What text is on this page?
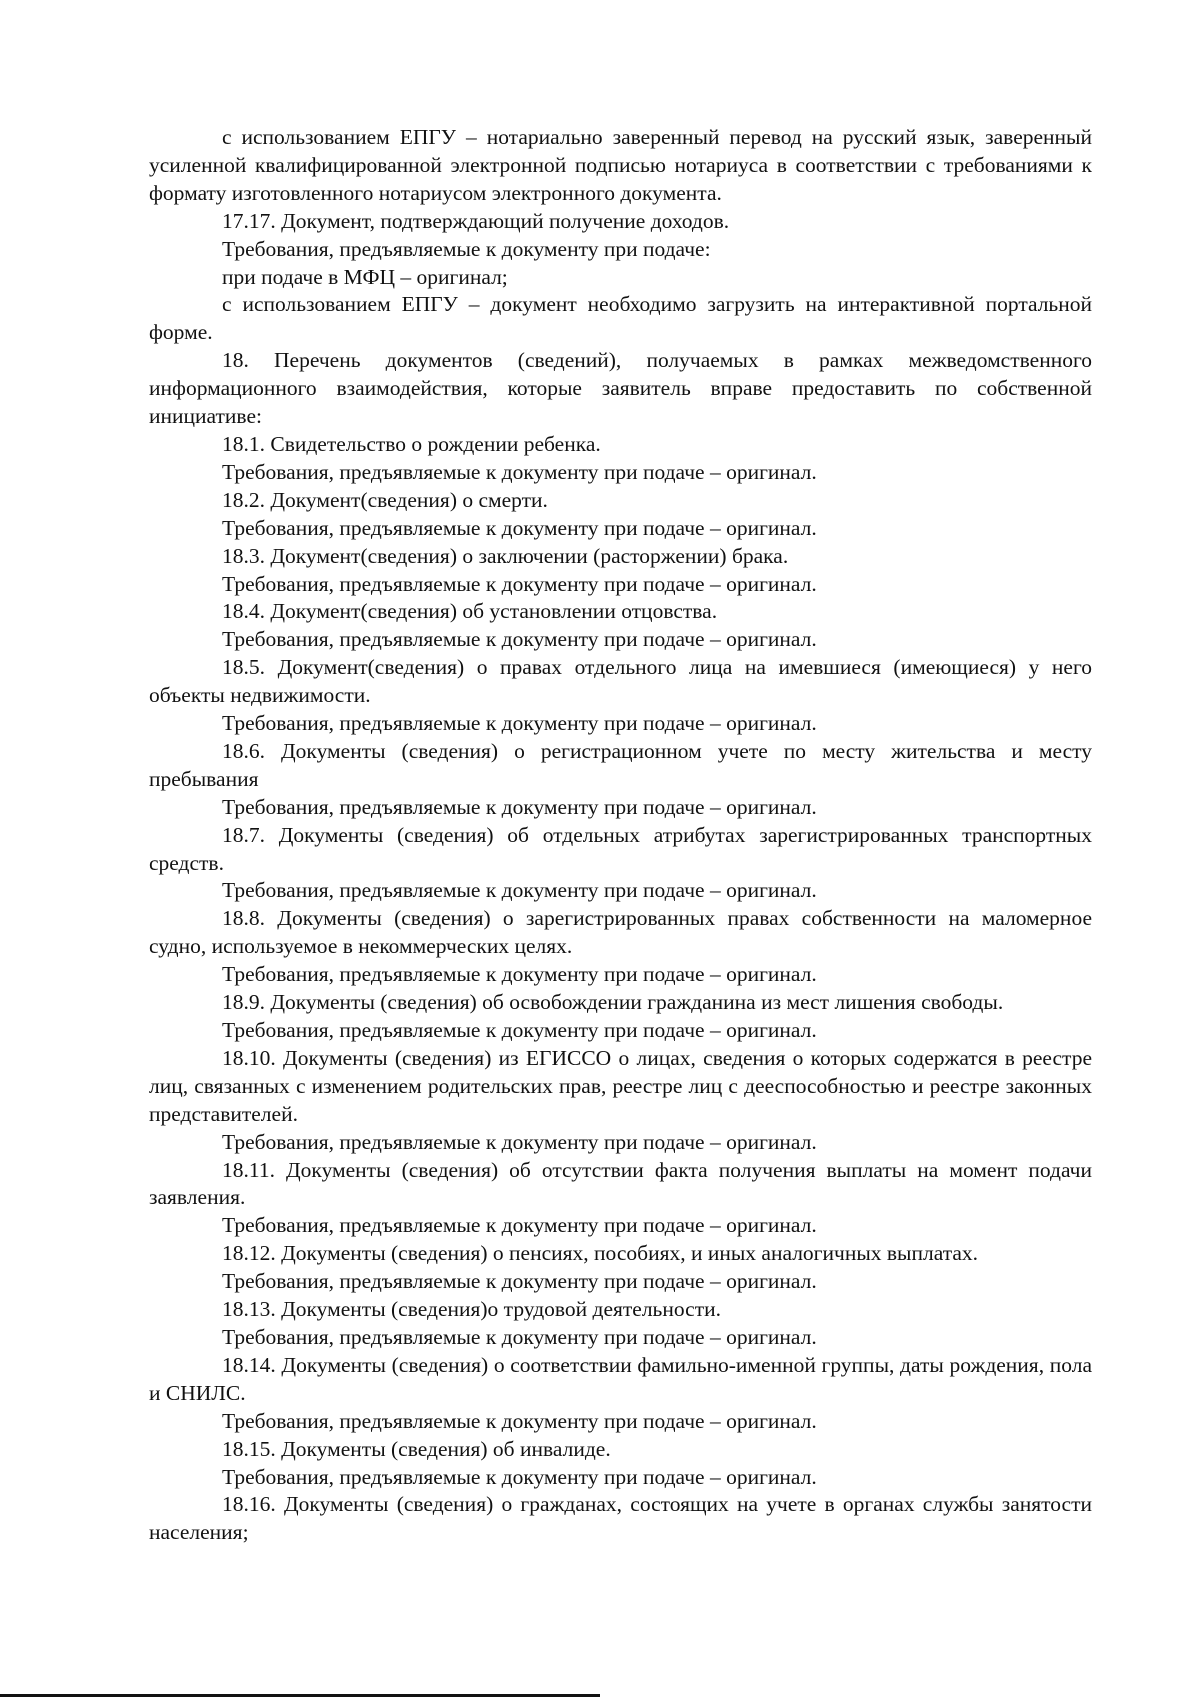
с использованием ЕПГУ – нотариально заверенный перевод на русский язык, заверенный усиленной квалифицированной электронной подписью нотариуса в соответствии с требованиями к формату изготовленного нотариусом электронного документа.

17.17. Документ, подтверждающий получение доходов.

Требования, предъявляемые к документу при подаче:

при подаче в МФЦ – оригинал;

с использованием ЕПГУ – документ необходимо загрузить на интерактивной портальной форме.

18. Перечень документов (сведений), получаемых в рамках межведомственного информационного взаимодействия, которые заявитель вправе предоставить по собственной инициативе:

18.1. Свидетельство о рождении ребенка.

Требования, предъявляемые к документу при подаче – оригинал.

18.2. Документ(сведения) о смерти.

Требования, предъявляемые к документу при подаче – оригинал.

18.3. Документ(сведения) о заключении (расторжении) брака.

Требования, предъявляемые к документу при подаче – оригинал.

18.4. Документ(сведения) об установлении отцовства.

Требования, предъявляемые к документу при подаче – оригинал.

18.5. Документ(сведения) о правах отдельного лица на имевшиеся (имеющиеся) у него объекты недвижимости.

Требования, предъявляемые к документу при подаче – оригинал.

18.6. Документы (сведения) о регистрационном учете по месту жительства и месту пребывания

Требования, предъявляемые к документу при подаче – оригинал.

18.7. Документы (сведения) об отдельных атрибутах зарегистрированных транспортных средств.

Требования, предъявляемые к документу при подаче – оригинал.

18.8. Документы (сведения) о зарегистрированных правах собственности на маломерное судно, используемое в некоммерческих целях.

Требования, предъявляемые к документу при подаче – оригинал.

18.9. Документы (сведения) об освобождении гражданина из мест лишения свободы.

Требования, предъявляемые к документу при подаче – оригинал.

18.10. Документы (сведения) из ЕГИССО о лицах, сведения о которых содержатся в реестре лиц, связанных с изменением родительских прав, реестре лиц с дееспособностью и реестре законных представителей.

Требования, предъявляемые к документу при подаче – оригинал.

18.11. Документы (сведения) об отсутствии факта получения выплаты на момент подачи заявления.

Требования, предъявляемые к документу при подаче – оригинал.

18.12. Документы (сведения) о пенсиях, пособиях, и иных аналогичных выплатах.

Требования, предъявляемые к документу при подаче – оригинал.

18.13. Документы (сведения)о трудовой деятельности.

Требования, предъявляемые к документу при подаче – оригинал.

18.14. Документы (сведения) о соответствии фамильно-именной группы, даты рождения, пола и СНИЛС.

Требования, предъявляемые к документу при подаче – оригинал.

18.15. Документы (сведения) об инвалиде.

Требования, предъявляемые к документу при подаче – оригинал.

18.16. Документы (сведения) о гражданах, состоящих на учете в органах службы занятости населения;
